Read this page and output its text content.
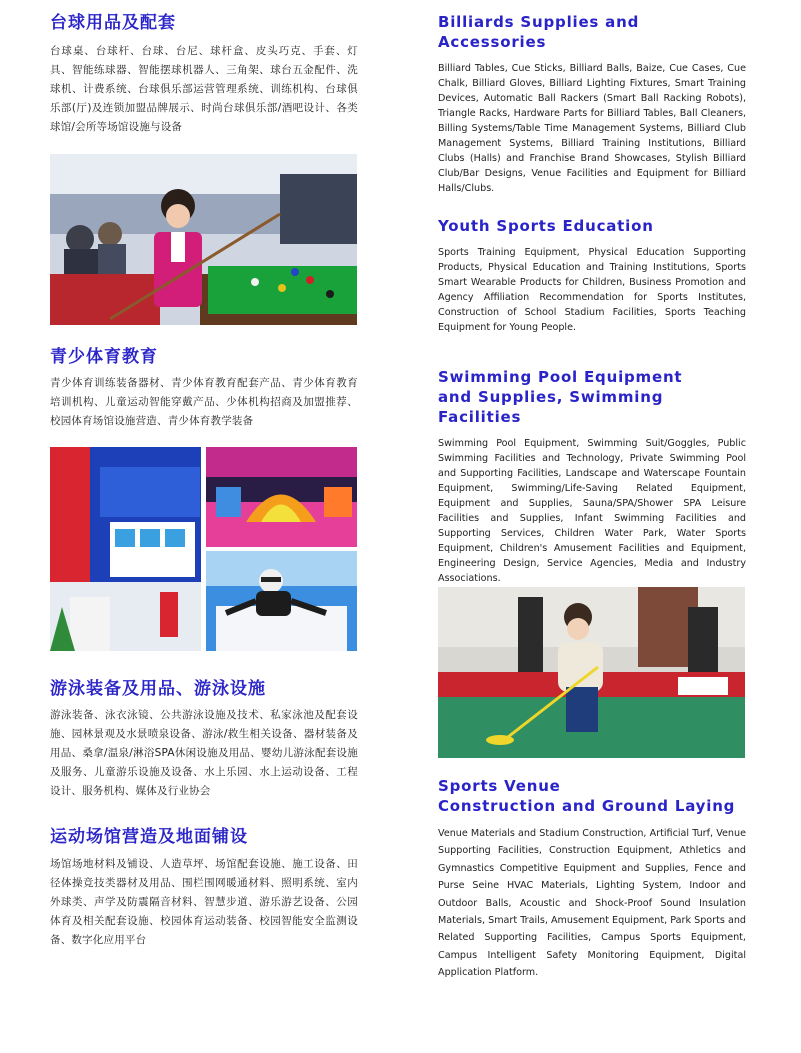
台球用品及配套

台球桌、台球杆、台球、台尼、球杆盒、皮头巧克、手套、灯具、智能练球器、智能摆球机器人、三角架、球台五金配件、洗球机、计费系统、台球俱乐部运营管理系统、训练机构、台球俱乐部(厅)及连锁加盟品牌展示、时尚台球俱乐部/酒吧设计、各类球馆/会所等场馆设施与设备

青少体育教育

青少体育训练装备器材、青少体育教育配套产品、青少体育教育培训机构、儿童运动智能穿戴产品、少体机构招商及加盟推荐、校园体育场馆设施营造、青少体育教学装备

游泳装备及用品、游泳设施

游泳装备、泳衣泳镜、公共游泳设施及技术、私家泳池及配套设施、园林景观及水景喷泉设备、游泳/救生相关设备、器材装备及用品、桑拿/温泉/淋浴SPA休闲设施及用品、婴幼儿游泳配套设施及服务、儿童游乐设施及设备、水上乐园、水上运动设备、工程设计、服务机构、媒体及行业协会

运动场馆营造及地面铺设

场馆场地材料及铺设、人造草坪、场馆配套设施、施工设备、田径体操竞技类器材及用品、围栏围网暖通材料、照明系统、室内外球类、声学及防震隔音材料、智慧步道、游乐游艺设备、公园体育及相关配套设施、校园体育运动装备、校园智能安全监测设备、数字化应用平台

Billiards Supplies and Accessories

Billiard Tables, Cue Sticks, Billiard Balls, Baize, Cue Cases, Cue Chalk, Billiard Gloves, Billiard Lighting Fixtures, Smart Training Devices, Automatic Ball Rackers (Smart Ball Racking Robots), Triangle Racks, Hardware Parts for Billiard Tables, Ball Cleaners, Billing Systems/Table Time Management Systems, Billiard Club Management Systems, Billiard Training Institutions, Billiard Clubs (Halls) and Franchise Brand Showcases, Stylish Billiard Club/Bar Designs, Venue Facilities and Equipment for Billiard Halls/Clubs.

Youth Sports Education

Sports Training Equipment, Physical Education Supporting Products, Physical Education and Training Institutions, Sports Smart Wearable Products for Children, Business Promotion and Agency Affiliation Recommendation for Sports Institutes, Construction of School Stadium Facilities, Sports Teaching Equipment for Young People.

Swimming Pool Equipment
and Supplies, Swimming Facilities

Swimming Pool Equipment, Swimming Suit/Goggles, Public Swimming Facilities and Technology, Private Swimming Pool and Supporting Facilities, Landscape and Waterscape Fountain Equipment, Swimming/Life-Saving Related Equipment, Equipment and Supplies, Sauna/SPA/Shower SPA Leisure Facilities and Supplies, Infant Swimming Facilities and Supporting Services, Children Water Park, Water Sports Equipment, Children's Amusement Facilities and Equipment, Engineering Design, Service Agencies, Media and Industry Associations.

Sports Venue
Construction and Ground Laying

Venue Materials and Stadium Construction, Artificial Turf, Venue Supporting Facilities, Construction Equipment, Athletics and Gymnastics Competitive Equipment and Supplies, Fence and Purse Seine HVAC Materials, Lighting System, Indoor and Outdoor Balls, Acoustic and Shock-Proof Sound Insulation Materials, Smart Trails, Amusement Equipment, Park Sports and Related Supporting Facilities, Campus Sports Equipment, Campus Intelligent Safety Monitoring Equipment, Digital Application Platform.
